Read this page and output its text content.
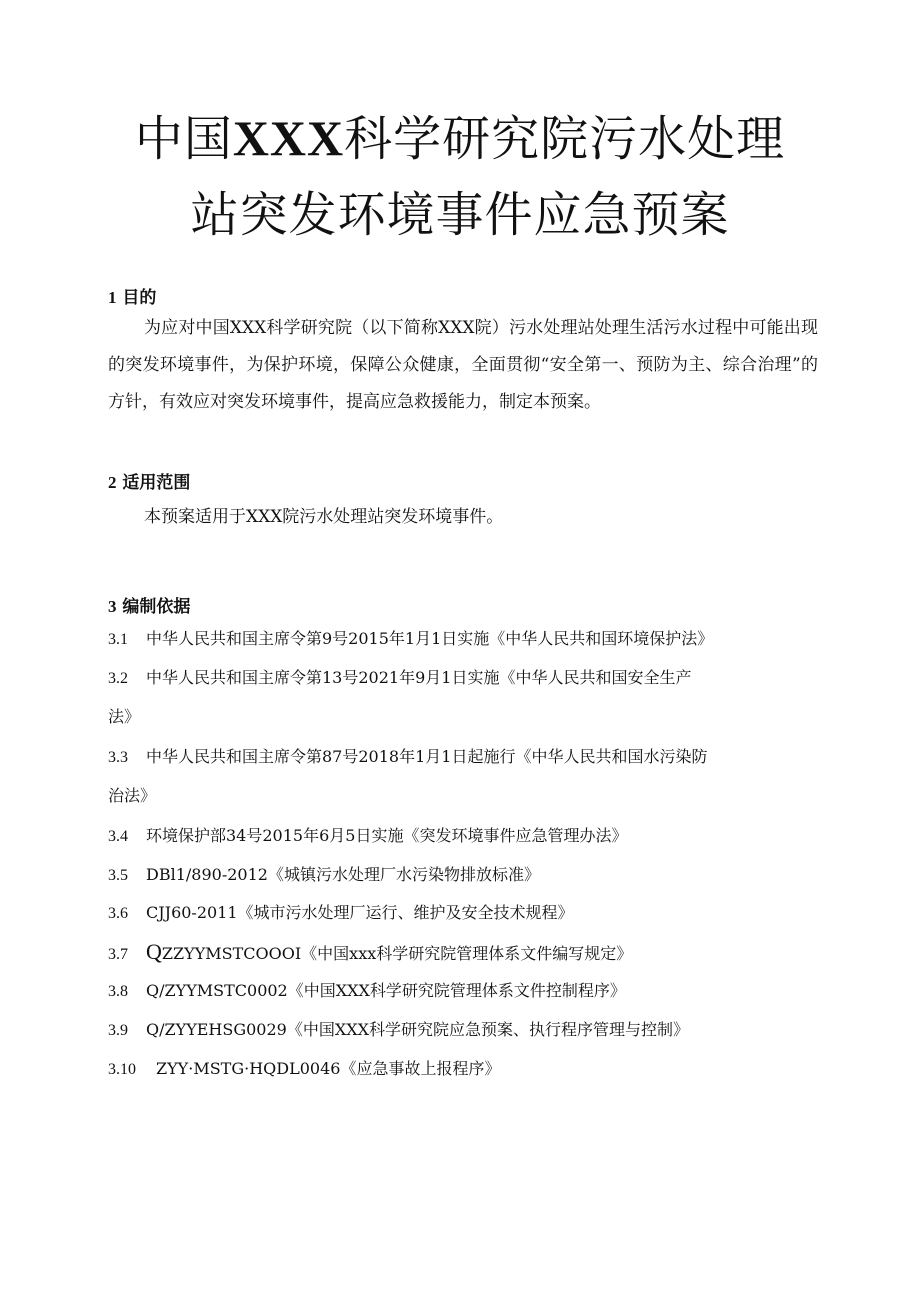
中国XXX科学研究院污水处理
站突发环境事件应急预案
1 目的

为应对中国XXX科学研究院（以下简称XXX院）污水处理站处理生活污水过程中可能出现的突发环境事件，为保护环境，保障公众健康，全面贯彻“安全第一、预防为主、综合治理”的方针，有效应对突发环境事件，提高应急救援能力，制定本预案。

2 适用范围

本预案适用于XXX院污水处理站突发环境事件。

3 编制依据

3.1 中华人民共和国主席令第9号2015年1月1日实施《中华人民共和国环境保护法》

3.2 中华人民共和国主席令第13号2021年9月1日实施《中华人民共和国安全生产
法》

3.3 中华人民共和国主席令第87号2018年1月1日起施行《中华人民共和国水污染防
治法》

3.4 环境保护部34号2015年6月5日实施《突发环境事件应急管理办法》

3.5 DBl1/890-2012《城镇污水处理厂水污染物排放标准》

3.6 CJJ60-2011《城市污水处理厂运行、维护及安全技术规程》

3.7 QZZYYMSTCOOOI《中国xxx科学研究院管理体系文件编写规定》

3.8 Q/ZYYMSTC0002《中国XXX科学研究院管理体系文件控制程序》

3.9 Q/ZYYEHSG0029《中国XXX科学研究院应急预案、执行程序管理与控制》

3.10 ZYY·MSTG·HQDL0046《应急事故上报程序》
